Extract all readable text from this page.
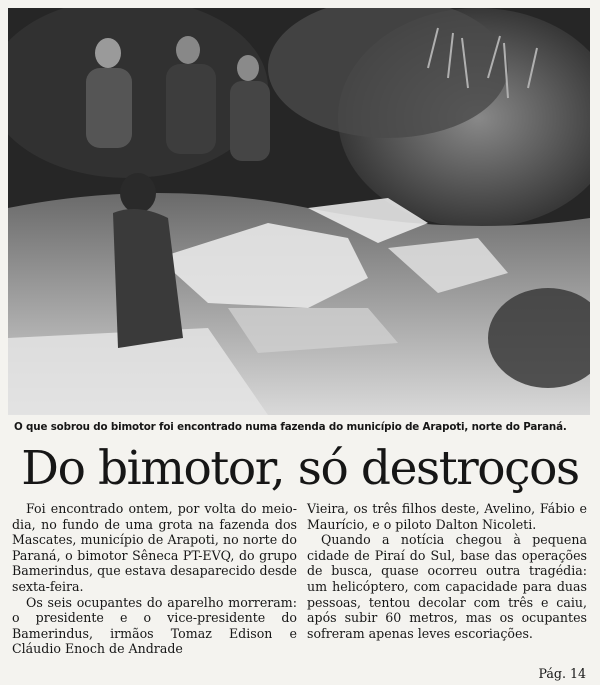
O que sobrou do bimotor foi encontrado numa fazenda do município de Arapoti, norte do Paraná.
Do bimotor, só destroços

Foi encontrado ontem, por volta do meio-dia, no fundo de uma grota na fazenda dos Mascates, município de Arapoti, no norte do Paraná, o bimotor Sêneca PT-EVQ, do grupo Bamerindus, que estava desaparecido desde sexta-feira.

Os seis ocupantes do aparelho morreram: o presidente e o vice-presidente do Bamerindus, irmãos Tomaz Edison e Cláudio Enoch de Andrade

Vieira, os três filhos deste, Avelino, Fábio e Maurício, e o piloto Dalton Nicoleti.

Quando a notícia chegou à pequena cidade de Piraí do Sul, base das operações de busca, quase ocorreu outra tragédia: um helicóptero, com capacidade para duas pessoas, tentou decolar com três e caiu, após subir 60 metros, mas os ocupantes sofreram apenas leves escoriações.

Pág. 14
